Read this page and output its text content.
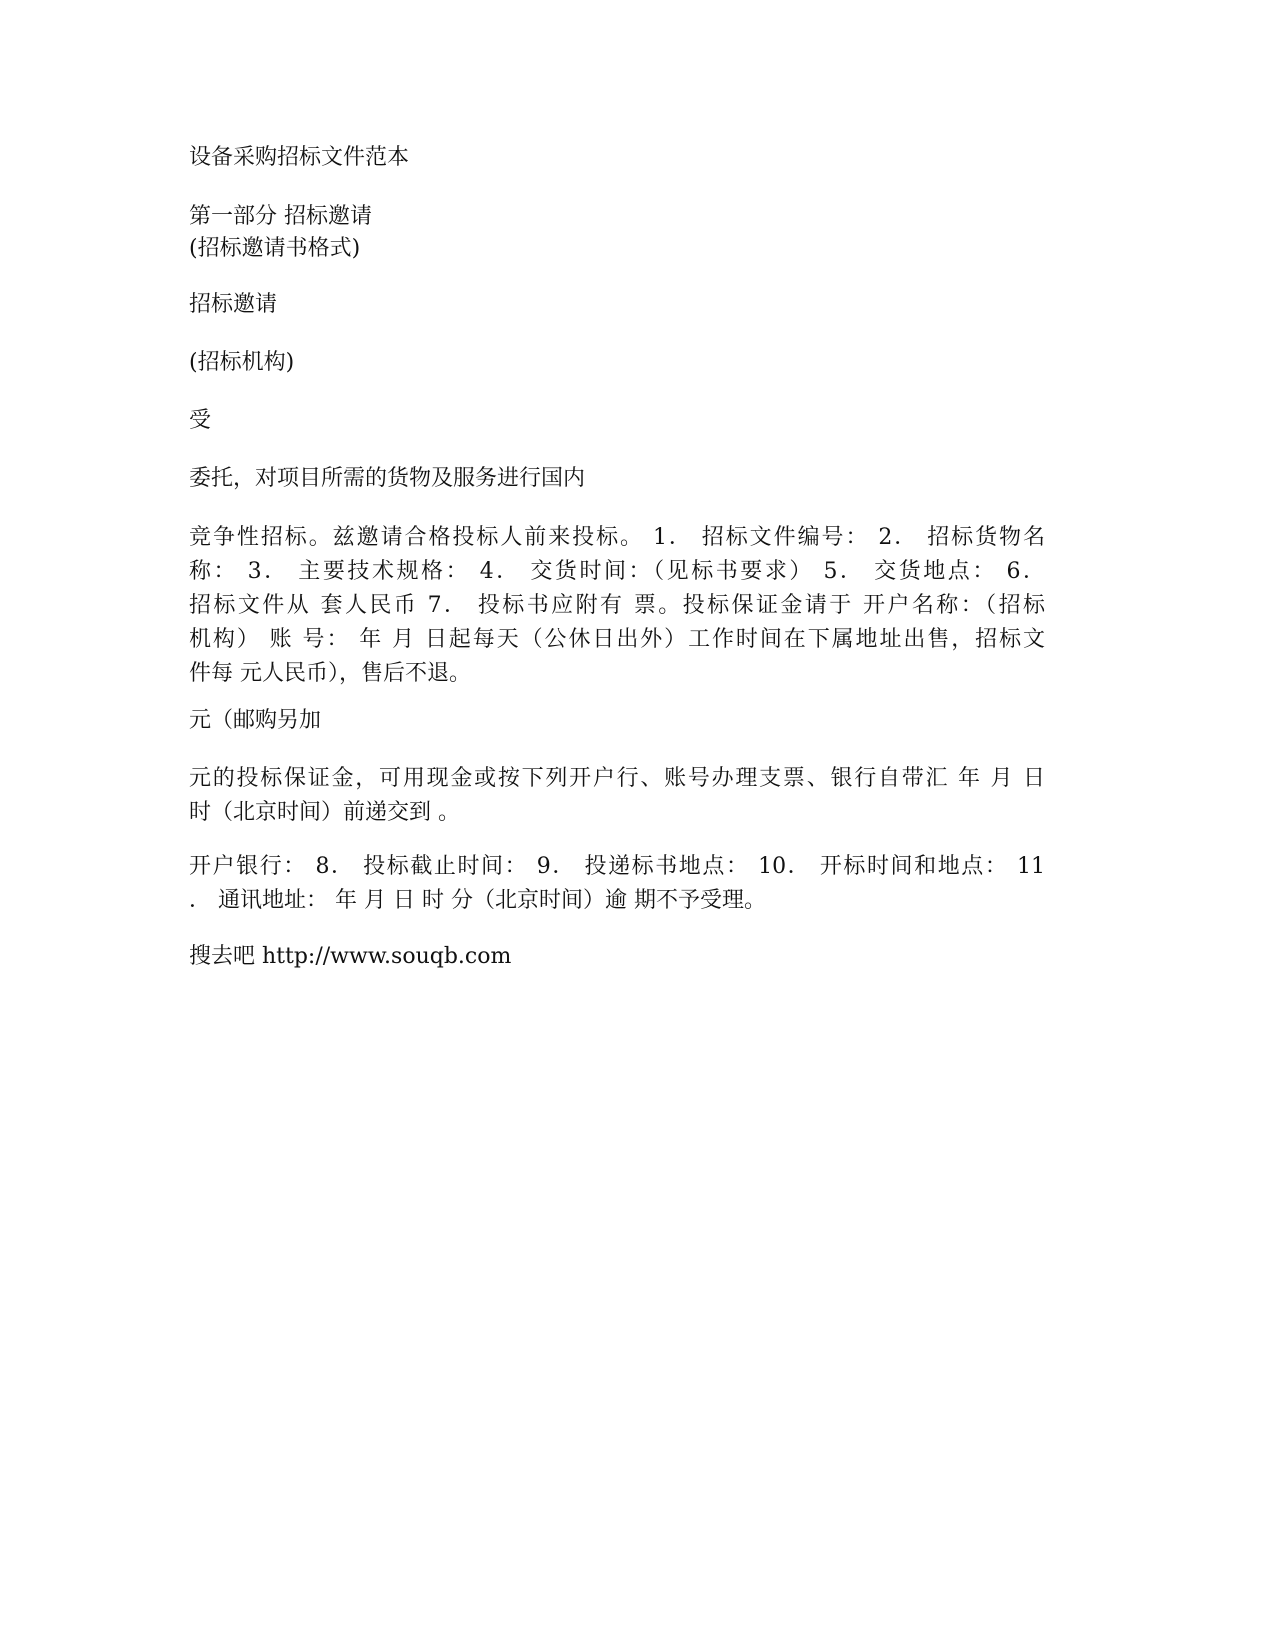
设备采购招标文件范本
第一部分 招标邀请
(招标邀请书格式)
招标邀请
(招标机构)
受
委托，对项目所需的货物及服务进行国内
竞争性招标。兹邀请合格投标人前来投标。 1． 招标文件编号： 2． 招标货物名
称： 3． 主要技术规格： 4． 交货时间：（见标书要求） 5． 交货地点： 6．
招标文件从 套人民币 7． 投标书应附有 票。投标保证金请于 开户名称：（招标
机构） 账 号： 年 月 日起每天（公休日出外）工作时间在下属地址出售，招标文
件每 元人民币），售后不退。
元（邮购另加
元的投标保证金，可用现金或按下列开户行、账号办理支票、银行自带汇 年 月 日
时（北京时间）前递交到 。
开户银行： 8． 投标截止时间： 9． 投递标书地点： 10． 开标时间和地点： 11
． 通讯地址： 年 月 日 时 分（北京时间）逾 期不予受理。
搜去吧 http://www.souqb.com
